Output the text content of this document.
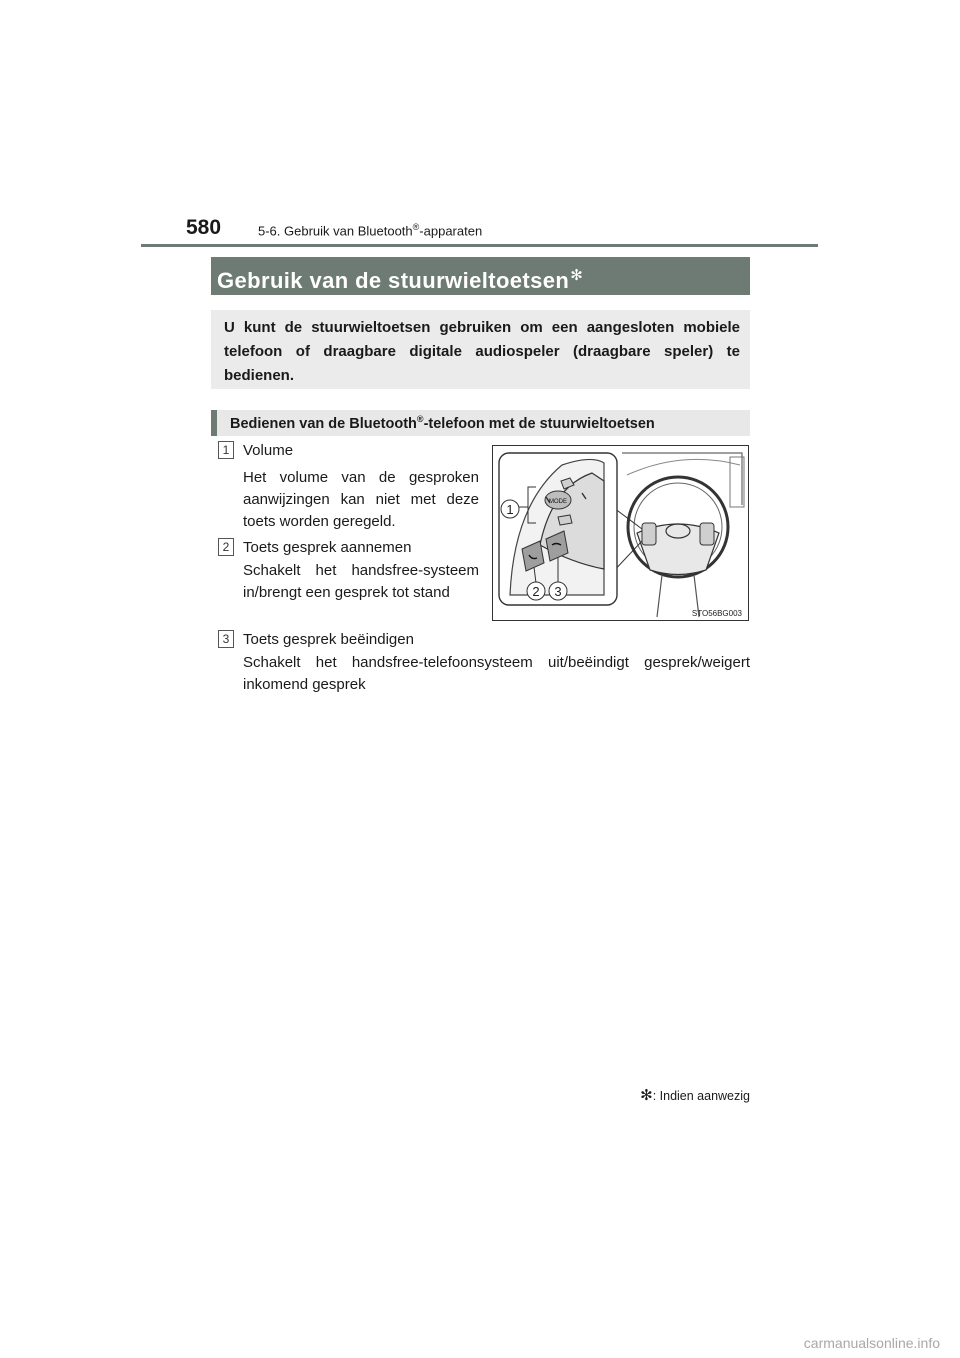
580	5-6. Gebruik van Bluetooth®-apparaten
Gebruik van de stuurwieltoetsen✻
U kunt de stuurwieltoetsen gebruiken om een aangesloten mobiele telefoon of draagbare digitale audiospeler (draagbare speler) te bedienen.
Bedienen van de Bluetooth®-telefoon met de stuurwieltoetsen
1 Volume
Het volume van de gesproken aanwijzingen kan niet met deze toets worden geregeld.
2 Toets gesprek aannemen
Schakelt het handsfree-systeem in/brengt een gesprek tot stand
3 Toets gesprek beëindigen
Schakelt het handsfree-telefoonsysteem uit/beëindigt gesprek/weigert inkomend gesprek
MODE
1
2 3
STO56BG003
✻: Indien aanwezig
carmanualsonline.info
